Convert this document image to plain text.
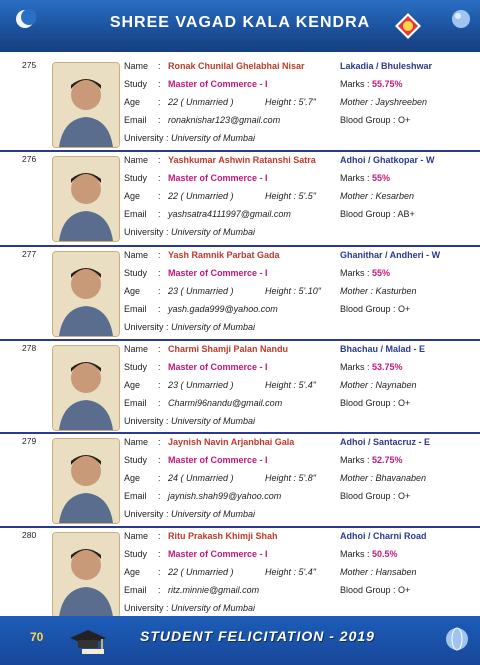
SHREE VAGAD KALA KENDRA
275	Name : Ronak Chunilal Ghelabhai Nisar	Lakadia / Bhuleshwar
Study : Master of Commerce - I	Marks : 55.75%
Age : 22 ( Unmarried )	Height : 5'.7"	Mother : Jayshreeben
Email : ronaknishar123@gmail.com	Blood Group : O+
University : University of Mumbai
276	Name : Yashkumar Ashwin Ratanshi Satra	Adhoi / Ghatkopar - W
Study : Master of Commerce - I	Marks : 55%
Age : 22 ( Unmarried )	Height : 5'.5"	Mother : Kesarben
Email : yashsatra4111997@gmail.com	Blood Group : AB+
University : University of Mumbai
277	Name : Yash Ramnik Parbat Gada	Ghanithar / Andheri - W
Study : Master of Commerce - I	Marks : 55%
Age : 23 ( Unmarried )	Height : 5'.10" Mother : Kasturben
Email : yash.gada999@yahoo.com	Blood Group : O+
University : University of Mumbai
278	Name : Charmi Shamji Palan Nandu	Bhachau / Malad - E
Study : Master of Commerce - I	Marks : 53.75%
Age : 23 ( Unmarried )	Height : 5'.4"	Mother : Naynaben
Email : Charmi96nandu@gmail.com	Blood Group : O+
University : University of Mumbai
279	Name : Jaynish Navin Arjanbhai Gala	Adhoi / Santacruz - E
Study : Master of Commerce - I	Marks : 52.75%
Age : 24 ( Unmarried )	Height : 5'.8"	Mother : Bhavanaben
Email : jaynish.shah99@yahoo.com	Blood Group : O+
University : University of Mumbai
280	Name : Ritu Prakash Khimji Shah	Adhoi / Charni Road
Study : Master of Commerce - I	Marks : 50.5%
Age : 22 ( Unmarried )	Height : 5'.4"	Mother : Hansaben
Email : ritz.minnie@gmail.com	Blood Group : O+
University : University of Mumbai
70	STUDENT FELICITATION - 2019
